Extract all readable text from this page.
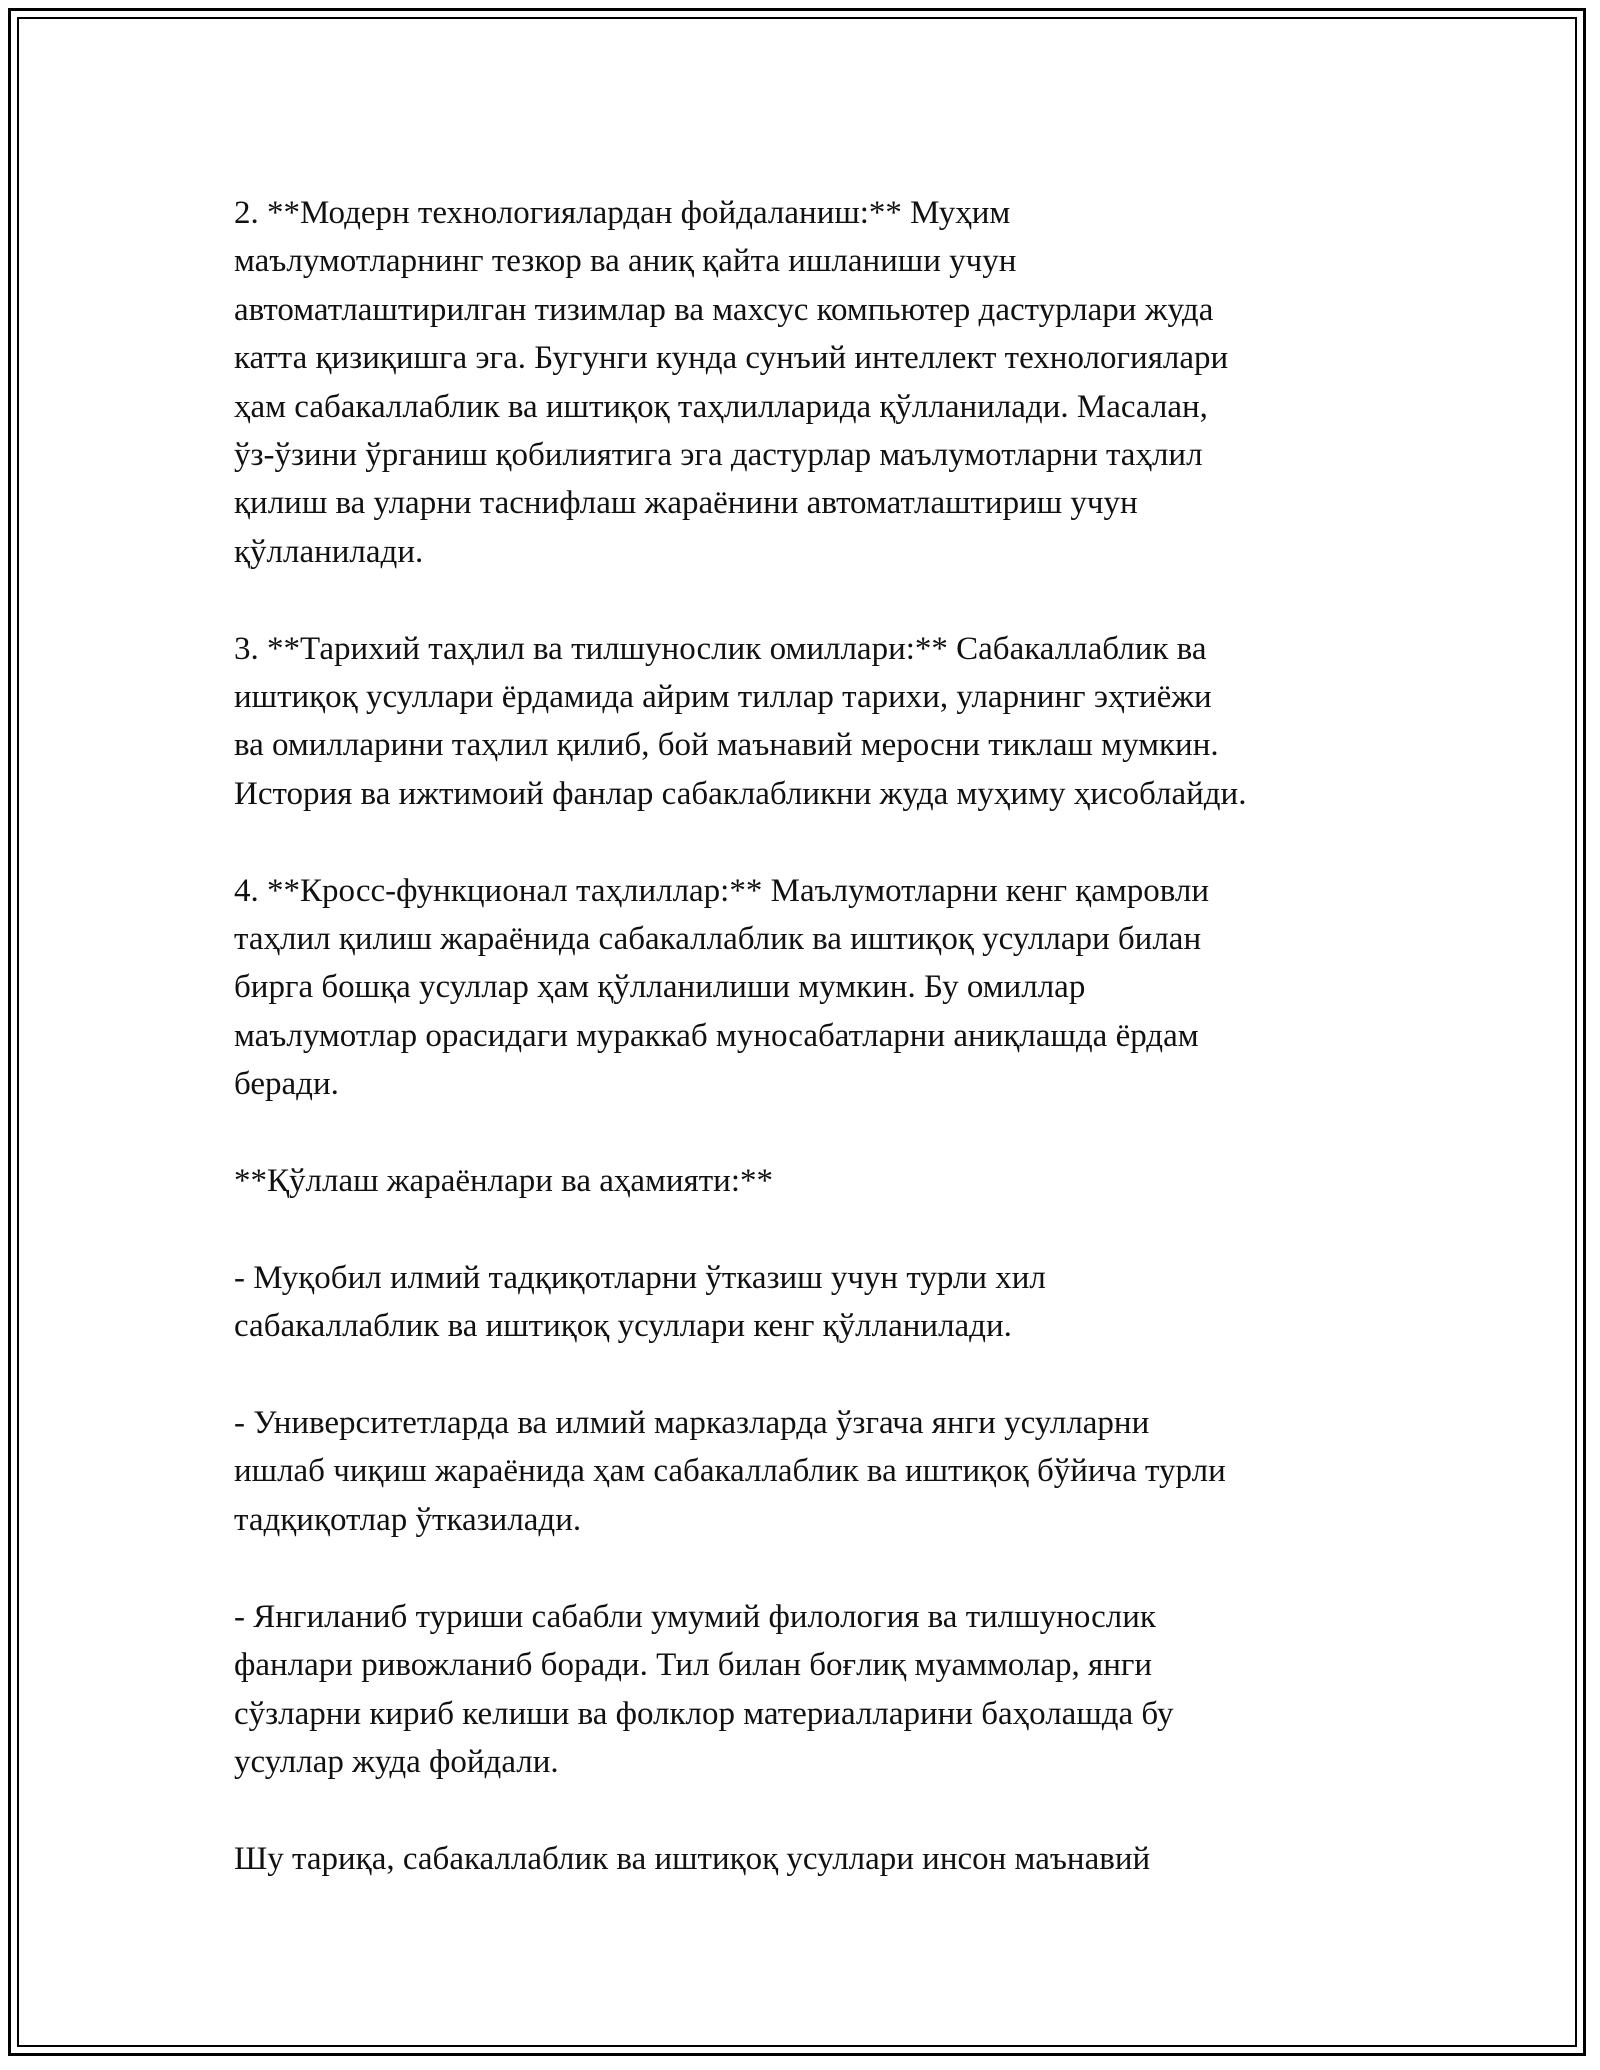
2. **Модерн технологиялардан фойдаланиш:** Муҳим
маълумотларнинг тезкор ва аниқ қайта ишланиши учун
автоматлаштирилган тизимлар ва махсус компьютер дастурлари жуда
катта қизиқишга эга. Бугунги кунда сунъий интеллект технологиялари
ҳам сабакаллаблик ва иштиқоқ таҳлилларида қўлланилади. Масалан,
ўз-ўзини ўрганиш қобилиятига эга дастурлар маълумотларни таҳлил
қилиш ва уларни таснифлаш жараёнини автоматлаштириш учун
қўлланилади.

3. **Тарихий таҳлил ва тилшунослик омиллари:** Сабакаллаблик ва
иштиқоқ усуллари ёрдамида айрим тиллар тарихи, уларнинг эҳтиёжи
ва омилларини таҳлил қилиб, бой маънавий меросни тиклаш мумкин.
История ва ижтимоий фанлар сабаклабликни жуда муҳиму ҳисоблайди.

4. **Кросс-функционал таҳлиллар:** Маълумотларни кенг қамровли
таҳлил қилиш жараёнида сабакаллаблик ва иштиқоқ усуллари билан
бирга бошқа усуллар ҳам қўлланилиши мумкин. Бу омиллар
маълумотлар орасидаги мураккаб муносабатларни аниқлашда ёрдам
беради.

**Қўллаш жараёнлари ва аҳамияти:**

- Муқобил илмий тадқиқотларни ўтказиш учун турли хил
сабакаллаблик ва иштиқоқ усуллари кенг қўлланилади.

- Университетларда ва илмий марказларда ўзгача янги усулларни
ишлаб чиқиш жараёнида ҳам сабакаллаблик ва иштиқоқ бўйича турли
тадқиқотлар ўтказилади.

- Янгиланиб туриши сабабли умумий филология ва тилшунослик
фанлари ривожланиб боради. Тил билан боғлиқ муаммолар, янги
сўзларни кириб келиши ва фолклор материалларини баҳолашда бу
усуллар жуда фойдали.

Шу тариқа, сабакаллаблик ва иштиқоқ усуллари инсон маънавий
